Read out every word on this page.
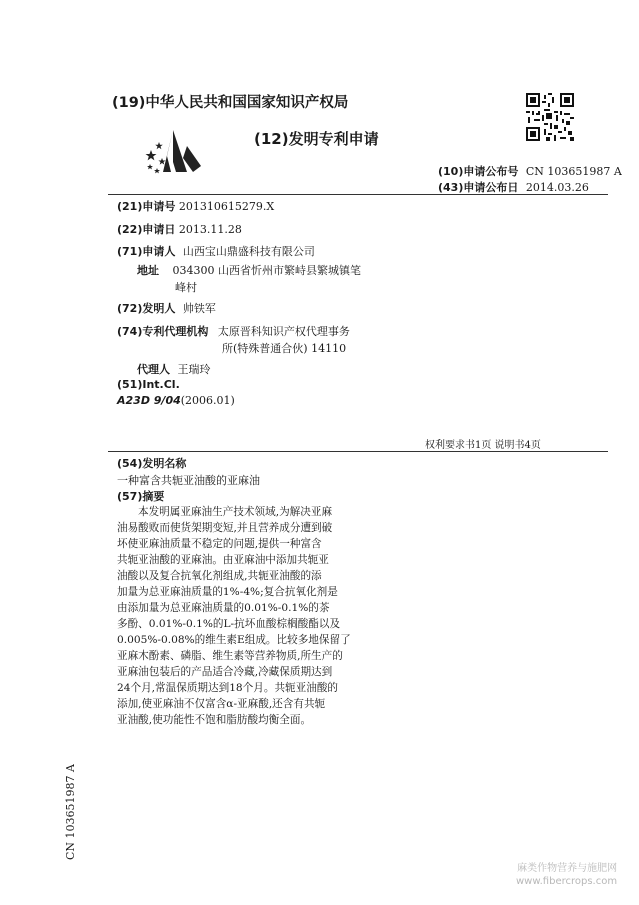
(19)中华人民共和国国家知识产权局
(12)发明专利申请
(10)申请公布号 CN 103651987 A
(43)申请公布日 2014.03.26
(21)申请号 201310615279.X
(22)申请日 2013.11.28
(71)申请人 山西宝山鼎盛科技有限公司
地址 034300 山西省忻州市繁峙县繁城镇笔
峰村
(72)发明人 帅铁军
(74)专利代理机构 太原晋科知识产权代理事务
所(特殊普通合伙) 14110
代理人 王瑞玲
(51)Int.Cl.
A23D 9/04(2006.01)
权利要求书1页 说明书4页
(54)发明名称
一种富含共轭亚油酸的亚麻油
(57)摘要
本发明属亚麻油生产技术领域,为解决亚麻
油易酸败而使货架期变短,并且营养成分遭到破
坏使亚麻油质量不稳定的问题,提供一种富含
共轭亚油酸的亚麻油。由亚麻油中添加共轭亚
油酸以及复合抗氧化剂组成,共轭亚油酸的添
加量为总亚麻油质量的1%-4%;复合抗氧化剂是
由添加量为总亚麻油质量的0.01%-0.1%的茶
多酚、0.01%-0.1%的L-抗坏血酸棕榈酸酯以及
0.005%-0.08%的维生素E组成。比较多地保留了
亚麻木酚素、磷脂、维生素等营养物质,所生产的
亚麻油包装后的产品适合冷藏,冷藏保质期达到
24个月,常温保质期达到18个月。共轭亚油酸的
添加,使亚麻油不仅富含α-亚麻酸,还含有共轭
亚油酸,使功能性不饱和脂肪酸均衡全面。
CN 103651987 A
麻类作物营养与施肥网
www.fibercrops.com
